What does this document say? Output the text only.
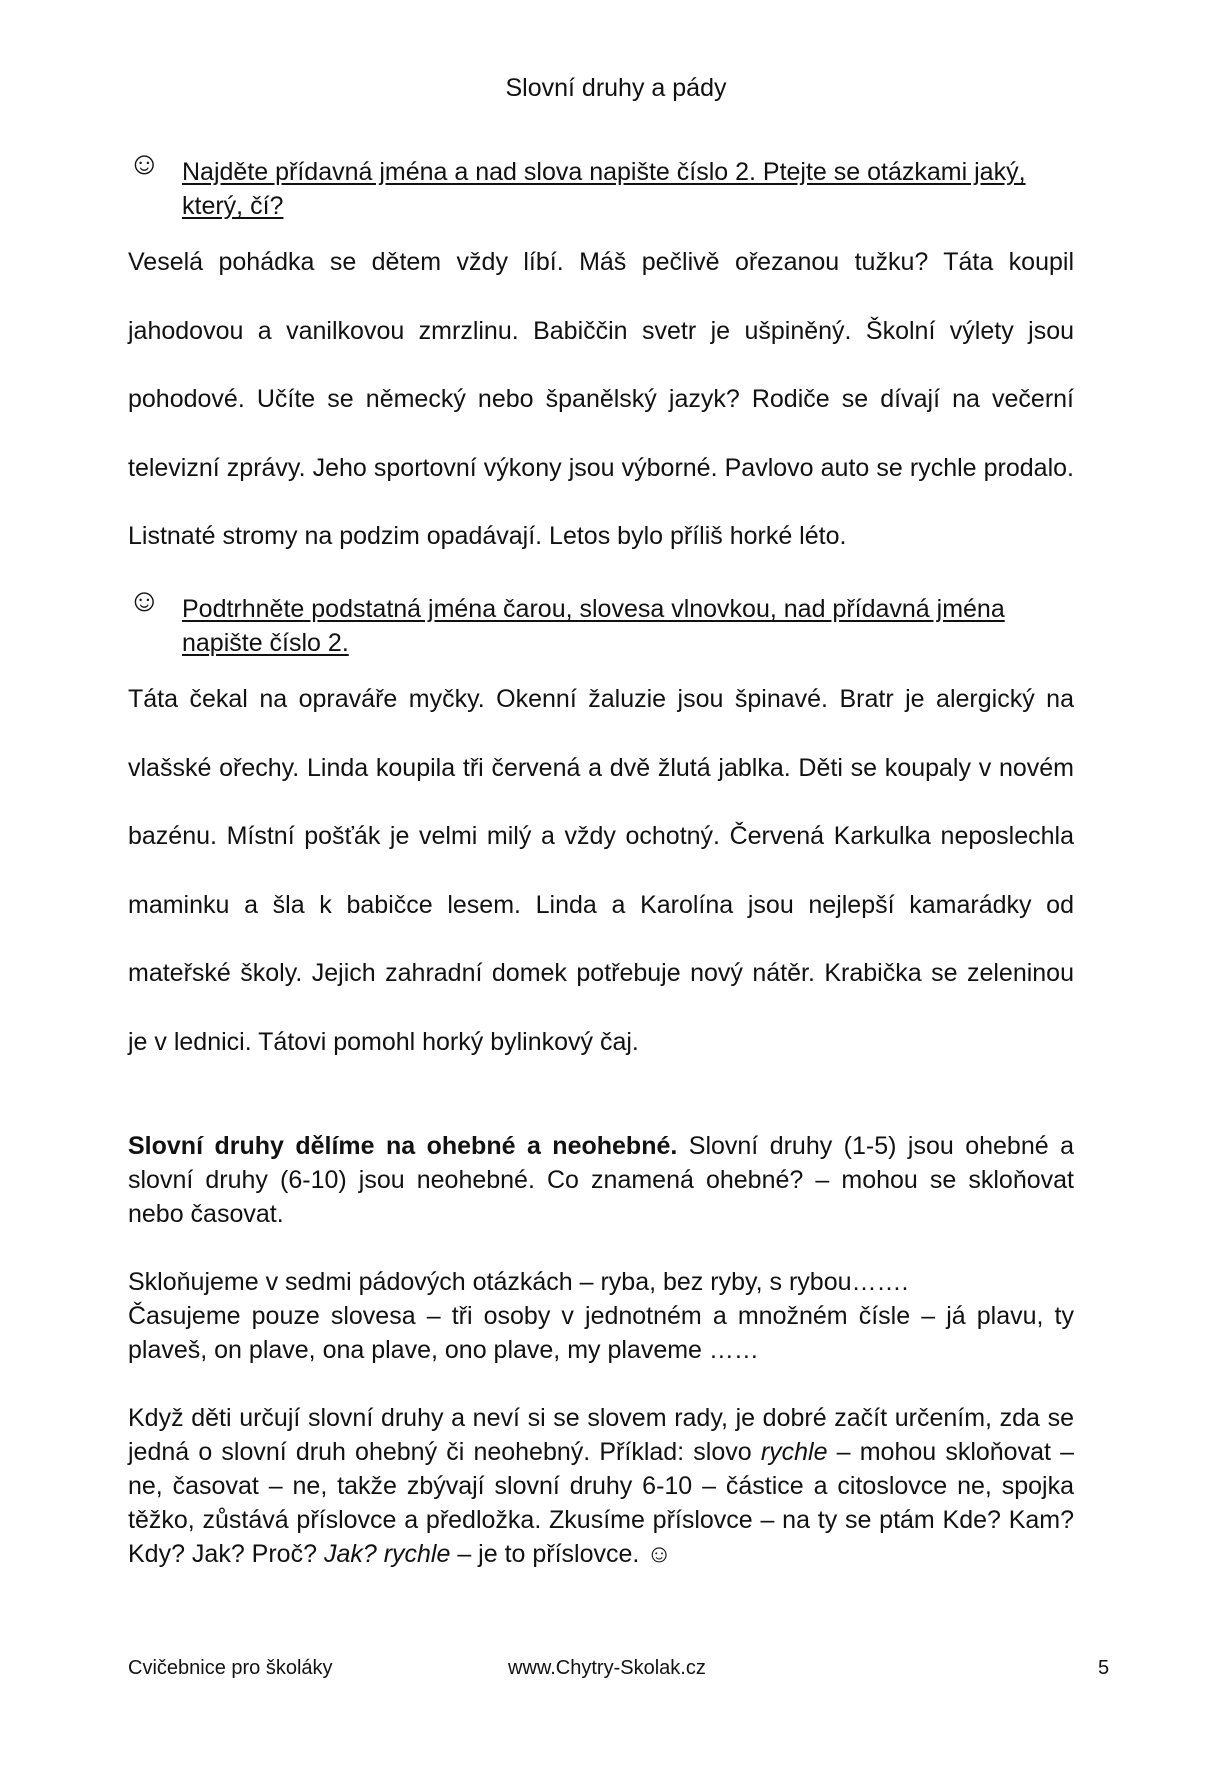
Slovní druhy a pády
☺ Najděte přídavná jména a nad slova napište číslo 2. Ptejte se otázkami jaký, který, čí?

Veselá pohádka se dětem vždy líbí. Máš pečlivě ořezanou tužku? Táta koupil jahodovou a vanilkovou zmrzlinu. Babiččin svetr je ušpiněný. Školní výlety jsou pohodové. Učíte se německý nebo španělský jazyk? Rodiče se dívají na večerní televizní zprávy. Jeho sportovní výkony jsou výborné. Pavlovo auto se rychle prodalo. Listnaté stromy na podzim opadávají. Letos bylo příliš horké léto.

☺ Podtrhněte podstatná jména čarou, slovesa vlnovkou, nad přídavná jména napište číslo 2.

Táta čekal na opraváře myčky. Okenní žaluzie jsou špinavé. Bratr je alergický na vlašské ořechy. Linda koupila tři červená a dvě žlutá jablka. Děti se koupaly v novém bazénu. Místní pošťák je velmi milý a vždy ochotný. Červená Karkulka neposlechla maminku a šla k babičce lesem. Linda a Karolína jsou nejlepší kamarádky od mateřské školy. Jejich zahradní domek potřebuje nový nátěr. Krabička se zeleninou je v lednici. Tátovi pomohl horký bylinkový čaj.

Slovní druhy dělíme na ohebné a neohebné. Slovní druhy (1-5) jsou ohebné a slovní druhy (6-10) jsou neohebné. Co znamená ohebné? – mohou se skloňovat nebo časovat.

Skloňujeme v sedmi pádových otázkách – ryba, bez ryby, s rybou…….

Časujeme pouze slovesa – tři osoby v jednotném a množném čísle – já plavu, ty plaveš, on plave, ona plave, ono plave, my plaveme ……

Když děti určují slovní druhy a neví si se slovem rady, je dobré začít určením, zda se jedná o slovní druh ohebný či neohebný. Příklad: slovo rychle – mohou skloňovat – ne, časovat – ne, takže zbývají slovní druhy 6-10 – částice a citoslovce ne, spojka těžko, zůstává příslovce a předložka. Zkusíme příslovce – na ty se ptám Kde? Kam? Kdy? Jak? Proč? Jak? rychle – je to příslovce. ☺

Cvičebnice pro školáky	www.Chytry-Skolak.cz	5
